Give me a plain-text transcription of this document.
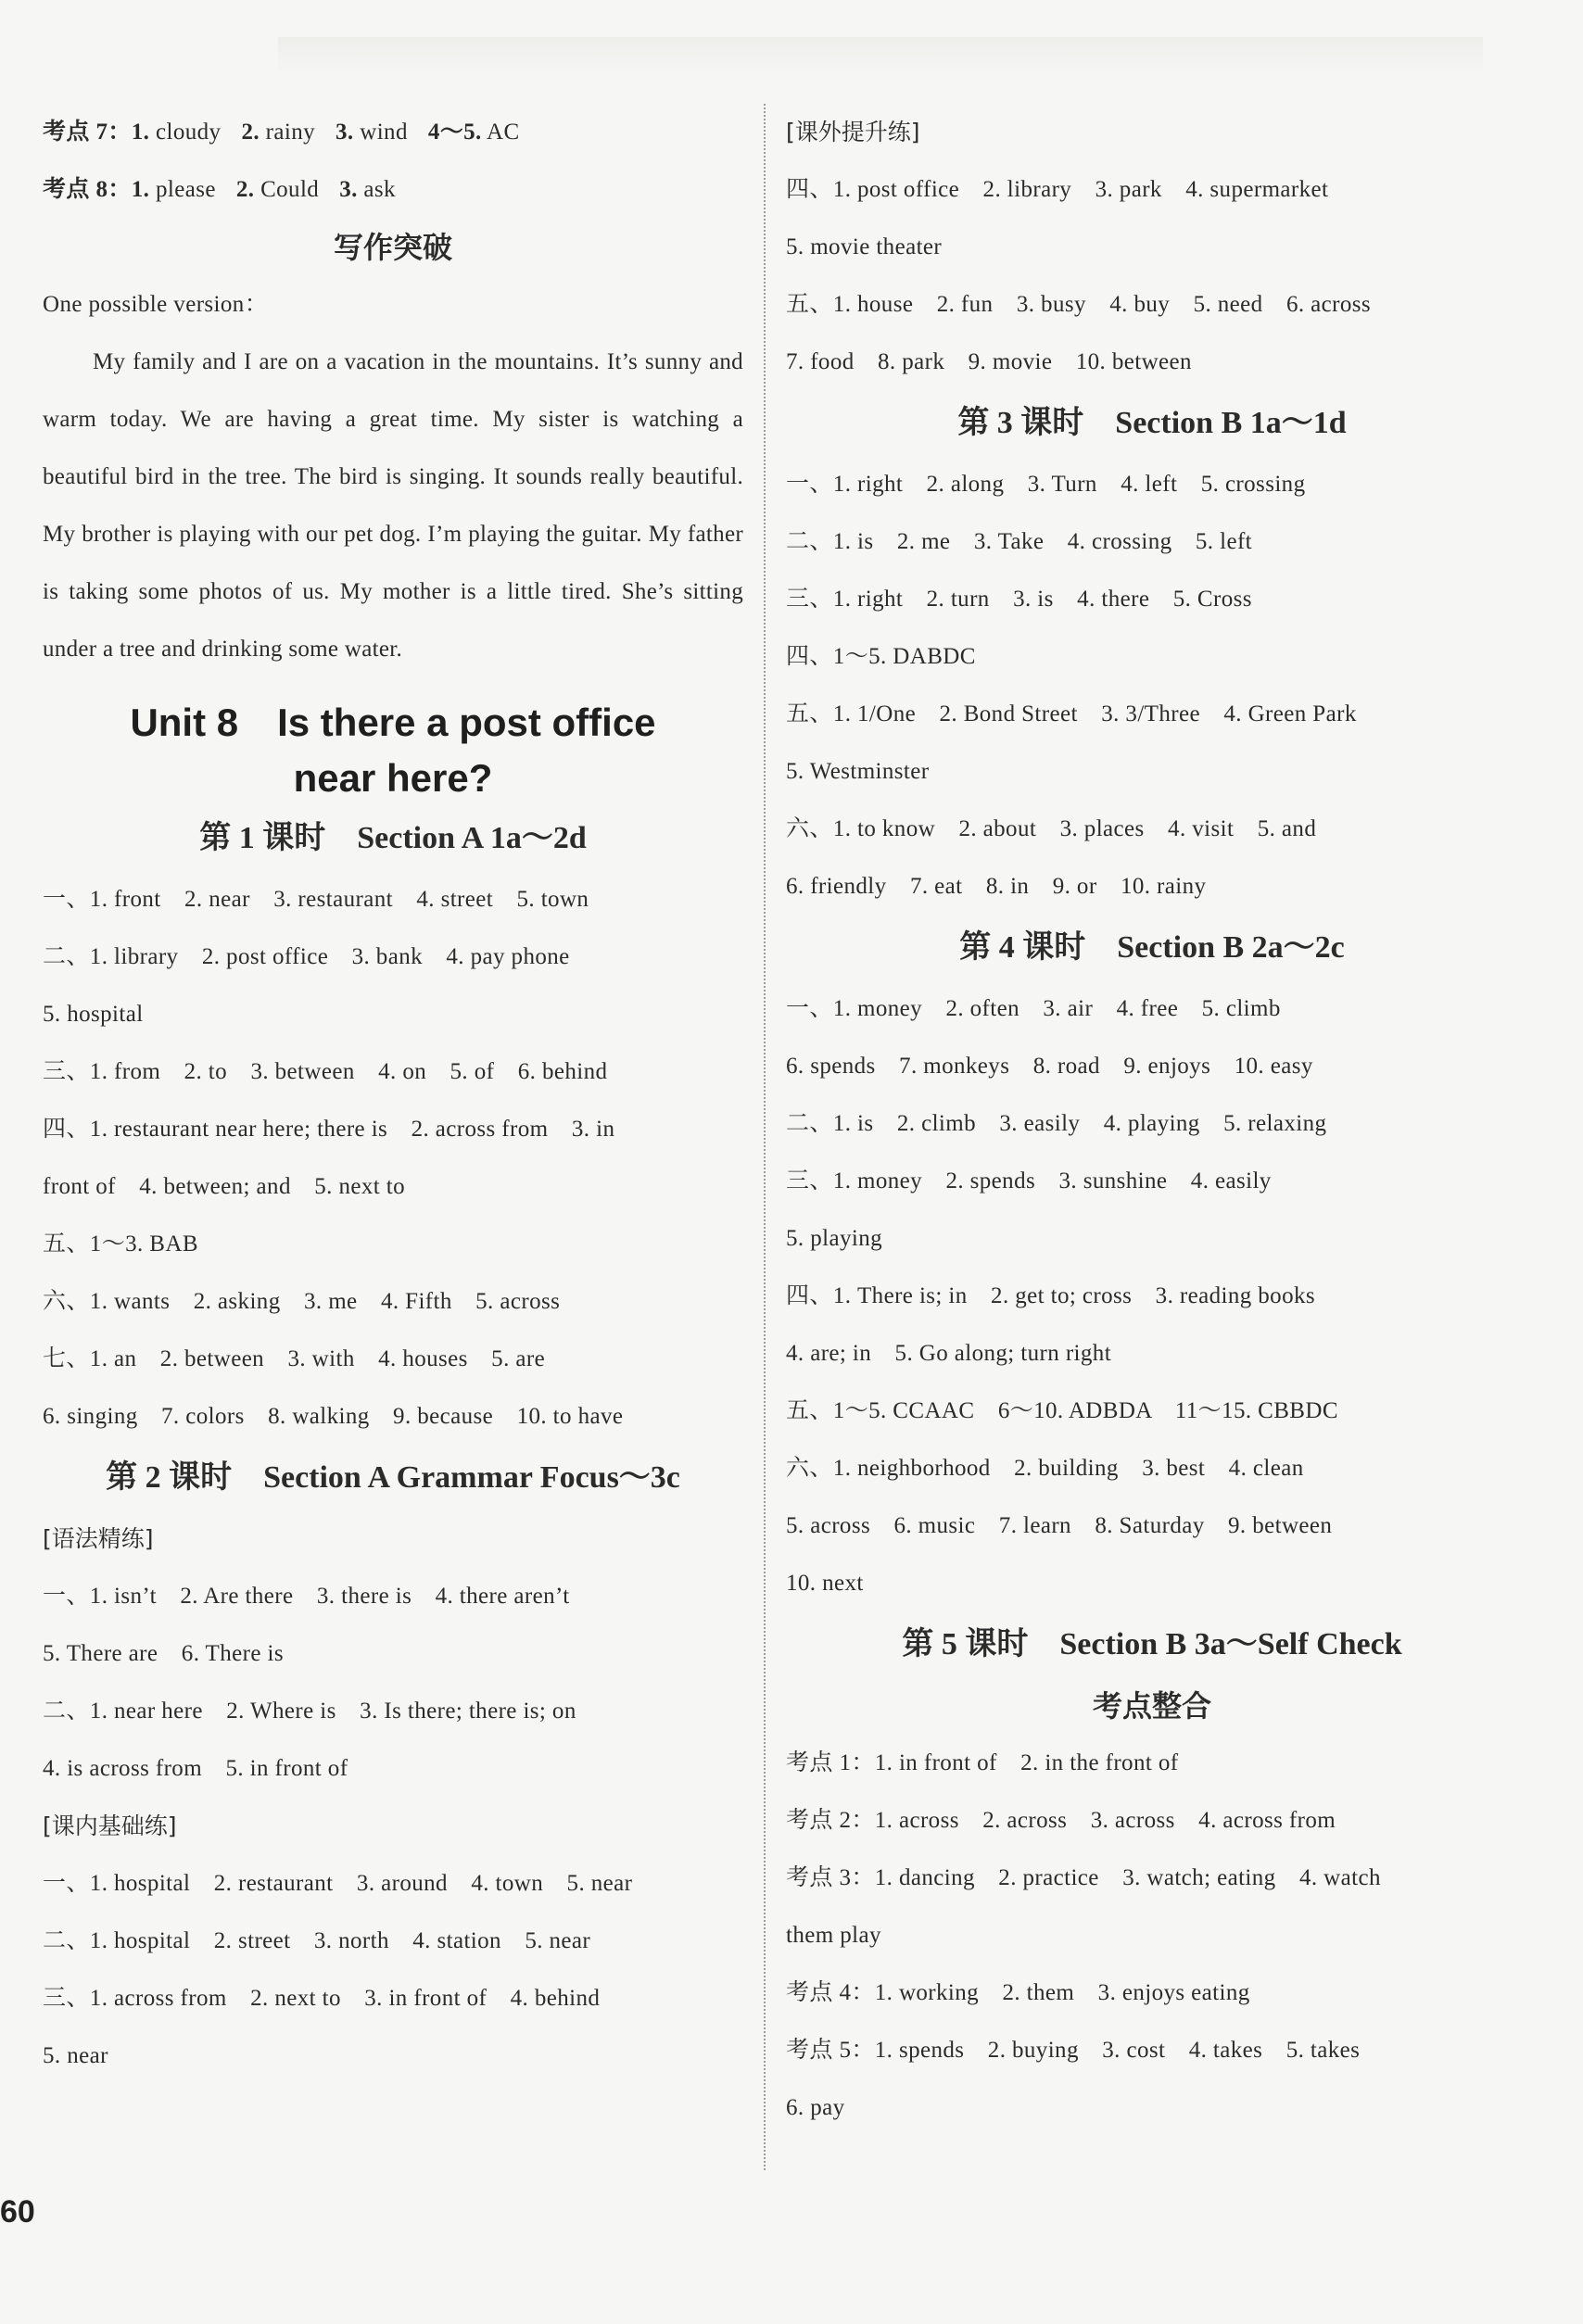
考点 7：1. cloudy 2. rainy 3. wind 4～5. AC
考点 8：1. please 2. Could 3. ask
写作突破
One possible version：
My family and I are on a vacation in the mountains. It’s sunny and warm today. We are having a great time. My sister is watching a beautiful bird in the tree. The bird is singing. It sounds really beautiful. My brother is playing with our pet dog. I’m playing the guitar. My father is taking some photos of us. My mother is a little tired. She’s sitting under a tree and drinking some water.
Unit 8　Is there a post office
near here?
第 1 课时　Section A 1a～2d
一、1. front　2. near　3. restaurant　4. street　5. town
二、1. library　2. post office　3. bank　4. pay phone
5. hospital
三、1. from　2. to　3. between　4. on　5. of　6. behind
四、1. restaurant near here; there is　2. across from　3. in
front of　4. between; and　5. next to
五、1～3. BAB
六、1. wants　2. asking　3. me　4. Fifth　5. across
七、1. an　2. between　3. with　4. houses　5. are
6. singing　7. colors　8. walking　9. because　10. to have
第 2 课时　Section A Grammar Focus～3c
[语法精练]
一、1. isn’t　2. Are there　3. there is　4. there aren’t
5. There are　6. There is
二、1. near here　2. Where is　3. Is there; there is; on
4. is across from　5. in front of
[课内基础练]
一、1. hospital　2. restaurant　3. around　4. town　5. near
二、1. hospital　2. street　3. north　4. station　5. near
三、1. across from　2. next to　3. in front of　4. behind
5. near
[课外提升练]
四、1. post office　2. library　3. park　4. supermarket
5. movie theater
五、1. house　2. fun　3. busy　4. buy　5. need　6. across
7. food　8. park　9. movie　10. between
第 3 课时　Section B 1a～1d
一、1. right　2. along　3. Turn　4. left　5. crossing
二、1. is　2. me　3. Take　4. crossing　5. left
三、1. right　2. turn　3. is　4. there　5. Cross
四、1～5. DABDC
五、1. 1/One　2. Bond Street　3. 3/Three　4. Green Park
5. Westminster
六、1. to know　2. about　3. places　4. visit　5. and
6. friendly　7. eat　8. in　9. or　10. rainy
第 4 课时　Section B 2a～2c
一、1. money　2. often　3. air　4. free　5. climb
6. spends　7. monkeys　8. road　9. enjoys　10. easy
二、1. is　2. climb　3. easily　4. playing　5. relaxing
三、1. money　2. spends　3. sunshine　4. easily
5. playing
四、1. There is; in　2. get to; cross　3. reading books
4. are; in　5. Go along; turn right
五、1～5. CCAAC　6～10. ADBDA　11～15. CBBDC
六、1. neighborhood　2. building　3. best　4. clean
5. across　6. music　7. learn　8. Saturday　9. between
10. next
第 5 课时　Section B 3a～Self Check
考点整合
考点 1：1. in front of　2. in the front of
考点 2：1. across　2. across　3. across　4. across from
考点 3：1. dancing　2. practice　3. watch; eating　4. watch
them play
考点 4：1. working　2. them　3. enjoys eating
考点 5：1. spends　2. buying　3. cost　4. takes　5. takes
6. pay
60
